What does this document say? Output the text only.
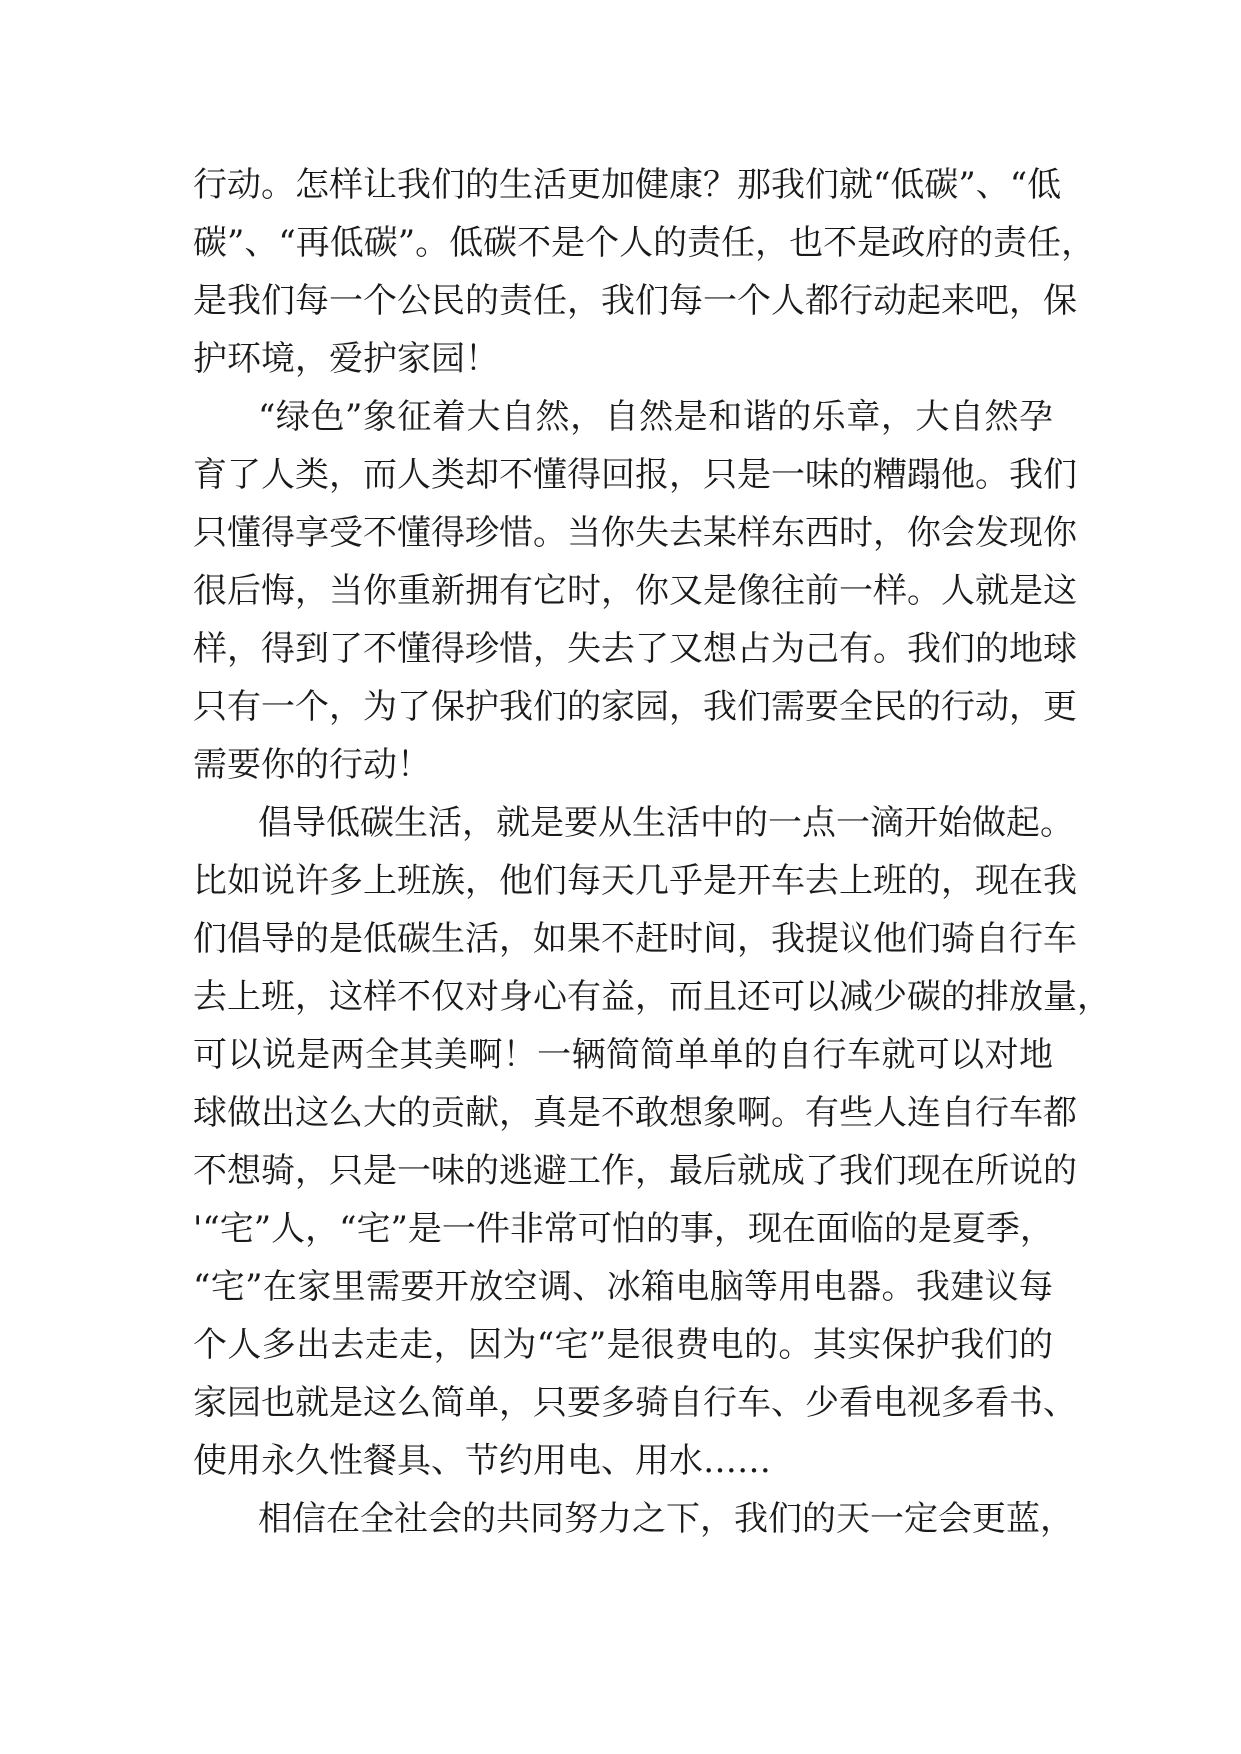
行动。怎样让我们的生活更加健康？那我们就“低碳”、“低
碳”、“再低碳”。低碳不是个人的责任，也不是政府的责任，
是我们每一个公民的责任，我们每一个人都行动起来吧，保
护环境，爱护家园！
“绿色”象征着大自然，自然是和谐的乐章，大自然孕
育了人类，而人类却不懂得回报，只是一味的糟蹋他。我们
只懂得享受不懂得珍惜。当你失去某样东西时，你会发现你
很后悔，当你重新拥有它时，你又是像往前一样。人就是这
样，得到了不懂得珍惜，失去了又想占为己有。我们的地球
只有一个，为了保护我们的家园，我们需要全民的行动，更
需要你的行动！
倡导低碳生活，就是要从生活中的一点一滴开始做起。
比如说许多上班族，他们每天几乎是开车去上班的，现在我
们倡导的是低碳生活，如果不赶时间，我提议他们骑自行车
去上班，这样不仅对身心有益，而且还可以减少碳的排放量，
可以说是两全其美啊！一辆简简单单的自行车就可以对地
球做出这么大的贡献，真是不敢想象啊。有些人连自行车都
不想骑，只是一味的逃避工作，最后就成了我们现在所说的
'“宅”人，“宅”是一件非常可怕的事，现在面临的是夏季，
“宅”在家里需要开放空调、冰箱电脑等用电器。我建议每
个人多出去走走，因为“宅”是很费电的。其实保护我们的
家园也就是这么简单，只要多骑自行车、少看电视多看书、
使用永久性餐具、节约用电、用水……
相信在全社会的共同努力之下，我们的天一定会更蓝，
